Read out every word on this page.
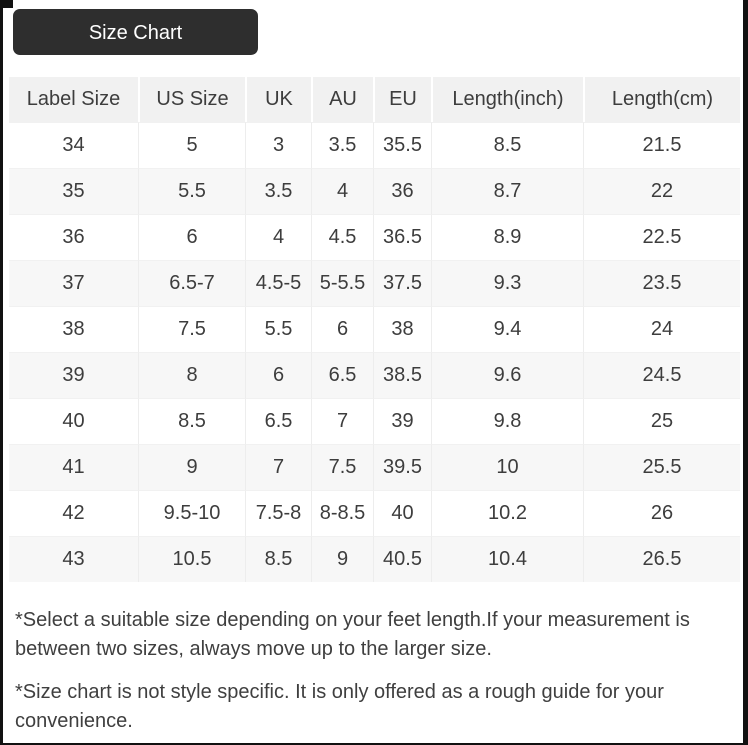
Size Chart
Label Size	US Size	UK	AU	EU	Length(inch)	Length(cm)
34	5	3	3.5	35.5	8.5	21.5
35	5.5	3.5	4	36	8.7	22
36	6	4	4.5	36.5	8.9	22.5
37	6.5-7	4.5-5	5-5.5	37.5	9.3	23.5
38	7.5	5.5	6	38	9.4	24
39	8	6	6.5	38.5	9.6	24.5
40	8.5	6.5	7	39	9.8	25
41	9	7	7.5	39.5	10	25.5
42	9.5-10	7.5-8	8-8.5	40	10.2	26
43	10.5	8.5	9	40.5	10.4	26.5

*Select a suitable size depending on your feet length.If your measurement is between two sizes, always move up to the larger size.

*Size chart is not style specific. It is only offered as a rough guide for your convenience.
